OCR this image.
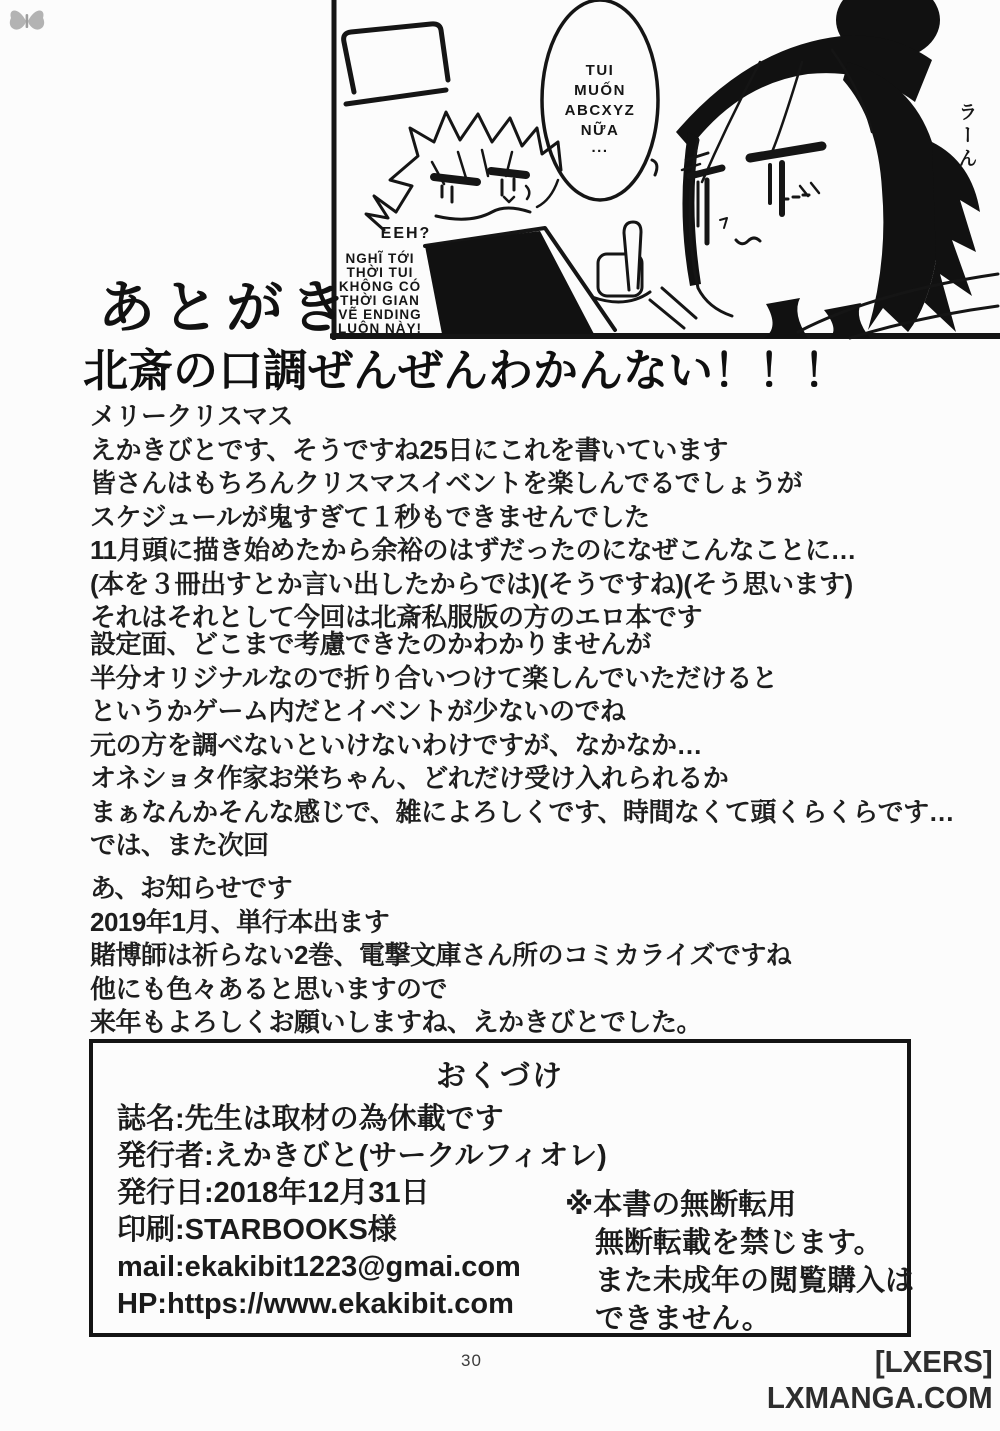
TUI
MUỐN
ABCXYZ
NỮA
...	ラーん
EEH?
NGHĨ TỚI
THỜI TUI
KHÔNG CÓ
THỜI GIAN
VẼ ENDING
LUÔN NÀY!
あとがき
北斎の口調ぜんぜんわかんない！！！
メリークリスマス
えかきびとです、そうですね25日にこれを書いています
皆さんはもちろんクリスマスイベントを楽しんでるでしょうが
スケジュールが鬼すぎて１秒もできませんでした
11月頭に描き始めたから余裕のはずだったのになぜこんなことに…
(本を３冊出すとか言い出したからでは)(そうですね)(そう思います)
それはそれとして今回は北斎私服版の方のエロ本です
設定面、どこまで考慮できたのかわかりませんが
半分オリジナルなので折り合いつけて楽しんでいただけると
というかゲーム内だとイベントが少ないのでね
元の方を調べないといけないわけですが、なかなか…
オネショタ作家お栄ちゃん、どれだけ受け入れられるか
まぁなんかそんな感じで、雑によろしくです、時間なくて頭くらくらです…
では、また次回
あ、お知らせです
2019年1月、単行本出ます
賭博師は祈らない2巻、電撃文庫さん所のコミカライズですね
他にも色々あると思いますので
来年もよろしくお願いしますね、えかきびとでした。
おくづけ
誌名:先生は取材の為休載です
発行者:えかきびと(サークルフィオレ)
発行日:2018年12月31日
印刷:STARBOOKS様
mail:ekakibit1223@gmai.com
HP:https://www.ekakibit.com
※本書の無断転用
無断転載を禁じます。
また未成年の閲覧購入は
できません。
30	[LXERS]
LXMANGA.COM
